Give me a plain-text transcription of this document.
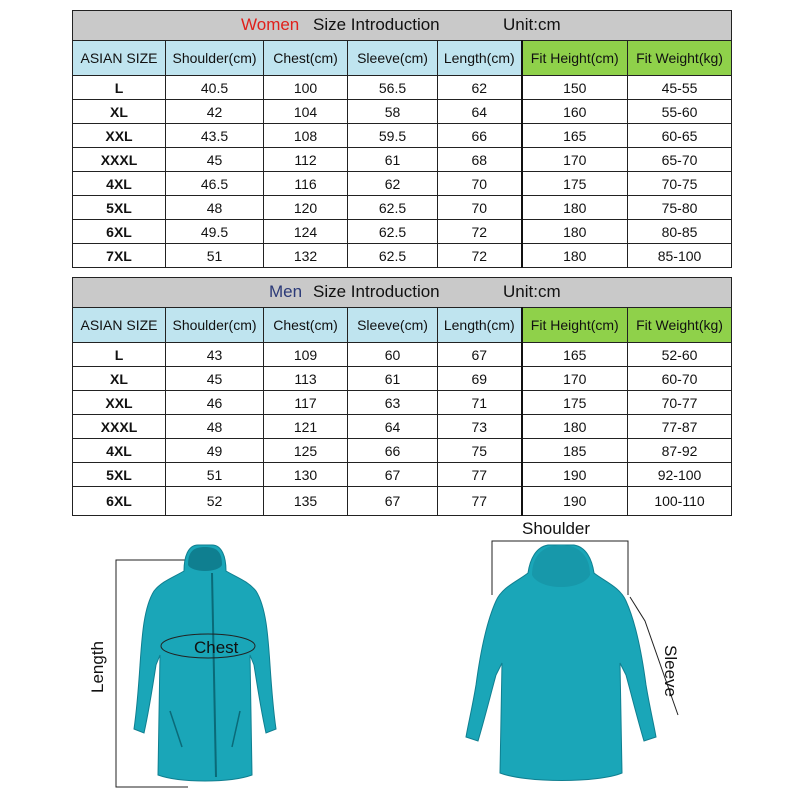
Women Size Introduction Unit:cm						

ASIAN SIZE	Shoulder(cm)	Chest(cm)	Sleeve(cm)	Length(cm)	Fit Height(cm)	Fit Weight(kg)
L	40.5	100	56.5	62	150	45-55
XL	42	104	58	64	160	55-60
XXL	43.5	108	59.5	66	165	60-65
XXXL	45	112	61	68	170	65-70
4XL	46.5	116	62	70	175	70-75
5XL	48	120	62.5	70	180	75-80
6XL	49.5	124	62.5	72	180	80-85
7XL	51	132	62.5	72	180	85-100
Men Size Introduction Unit:cm						

ASIAN SIZE	Shoulder(cm)	Chest(cm)	Sleeve(cm)	Length(cm)	Fit Height(cm)	Fit Weight(kg)
L	43	109	60	67	165	52-60
XL	45	113	61	69	170	60-70
XXL	46	117	63	71	175	70-77
XXXL	48	121	64	73	180	77-87
4XL	49	125	66	75	185	87-92
5XL	51	130	67	77	190	92-100
6XL	52	135	67	77	190	100-110
Chest
Length
Shoulder
Sleeve
